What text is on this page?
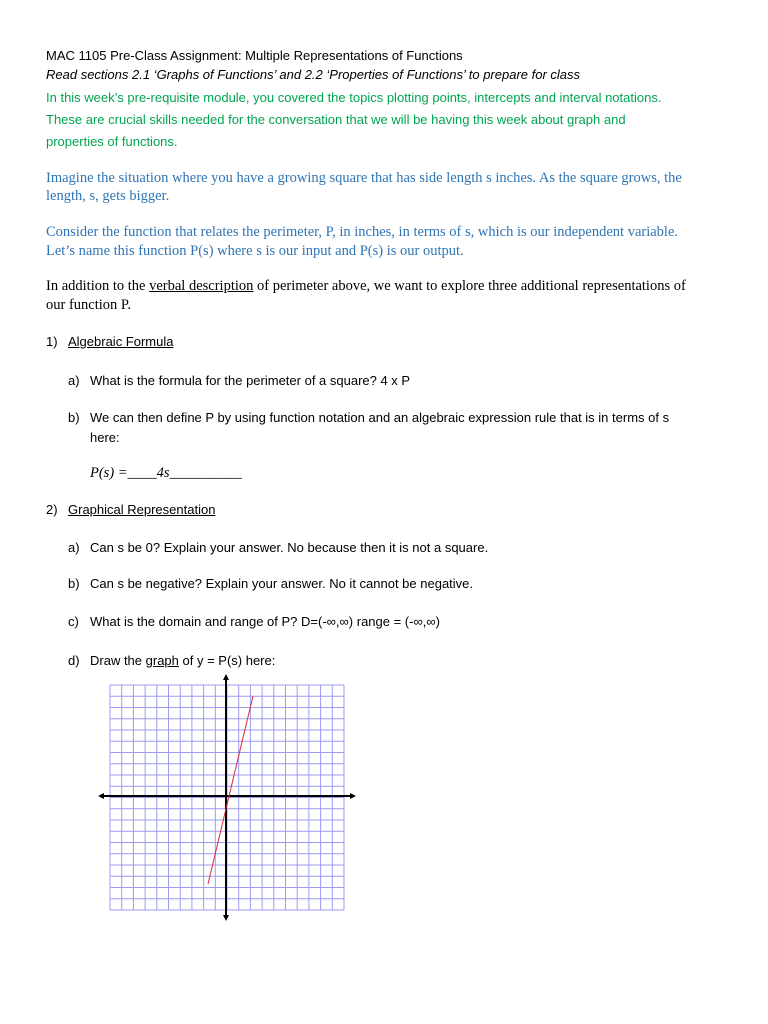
MAC 1105 Pre-Class Assignment: Multiple Representations of Functions
Read sections 2.1 ‘Graphs of Functions’ and 2.2 ‘Properties of Functions’ to prepare for class
In this week’s pre-requisite module, you covered the topics plotting points, intercepts and interval notations.
These are crucial skills needed for the conversation that we will be having this week about graph and
properties of functions.
Imagine the situation where you have a growing square that has side length s inches. As the square grows, the
length, s, gets bigger.
Consider the function that relates the perimeter, P, in inches, in terms of s, which is our independent variable.
Let’s name this function P(s) where s is our input and P(s) is our output.
In addition to the verbal description of perimeter above, we want to explore three additional representations of
our function P.
1) Algebraic Formula
a) What is the formula for the perimeter of a square? 4 x P
b) We can then define P by using function notation and an algebraic expression rule that is in terms of s
here:
P(s) =____4s__________
2) Graphical Representation
a) Can s be 0? Explain your answer. No because then it is not a square.
b) Can s be negative? Explain your answer. No it cannot be negative.
c) What is the domain and range of P? D=(-∞,∞) range = (-∞,∞)
d) Draw the graph of y = P(s) here:
